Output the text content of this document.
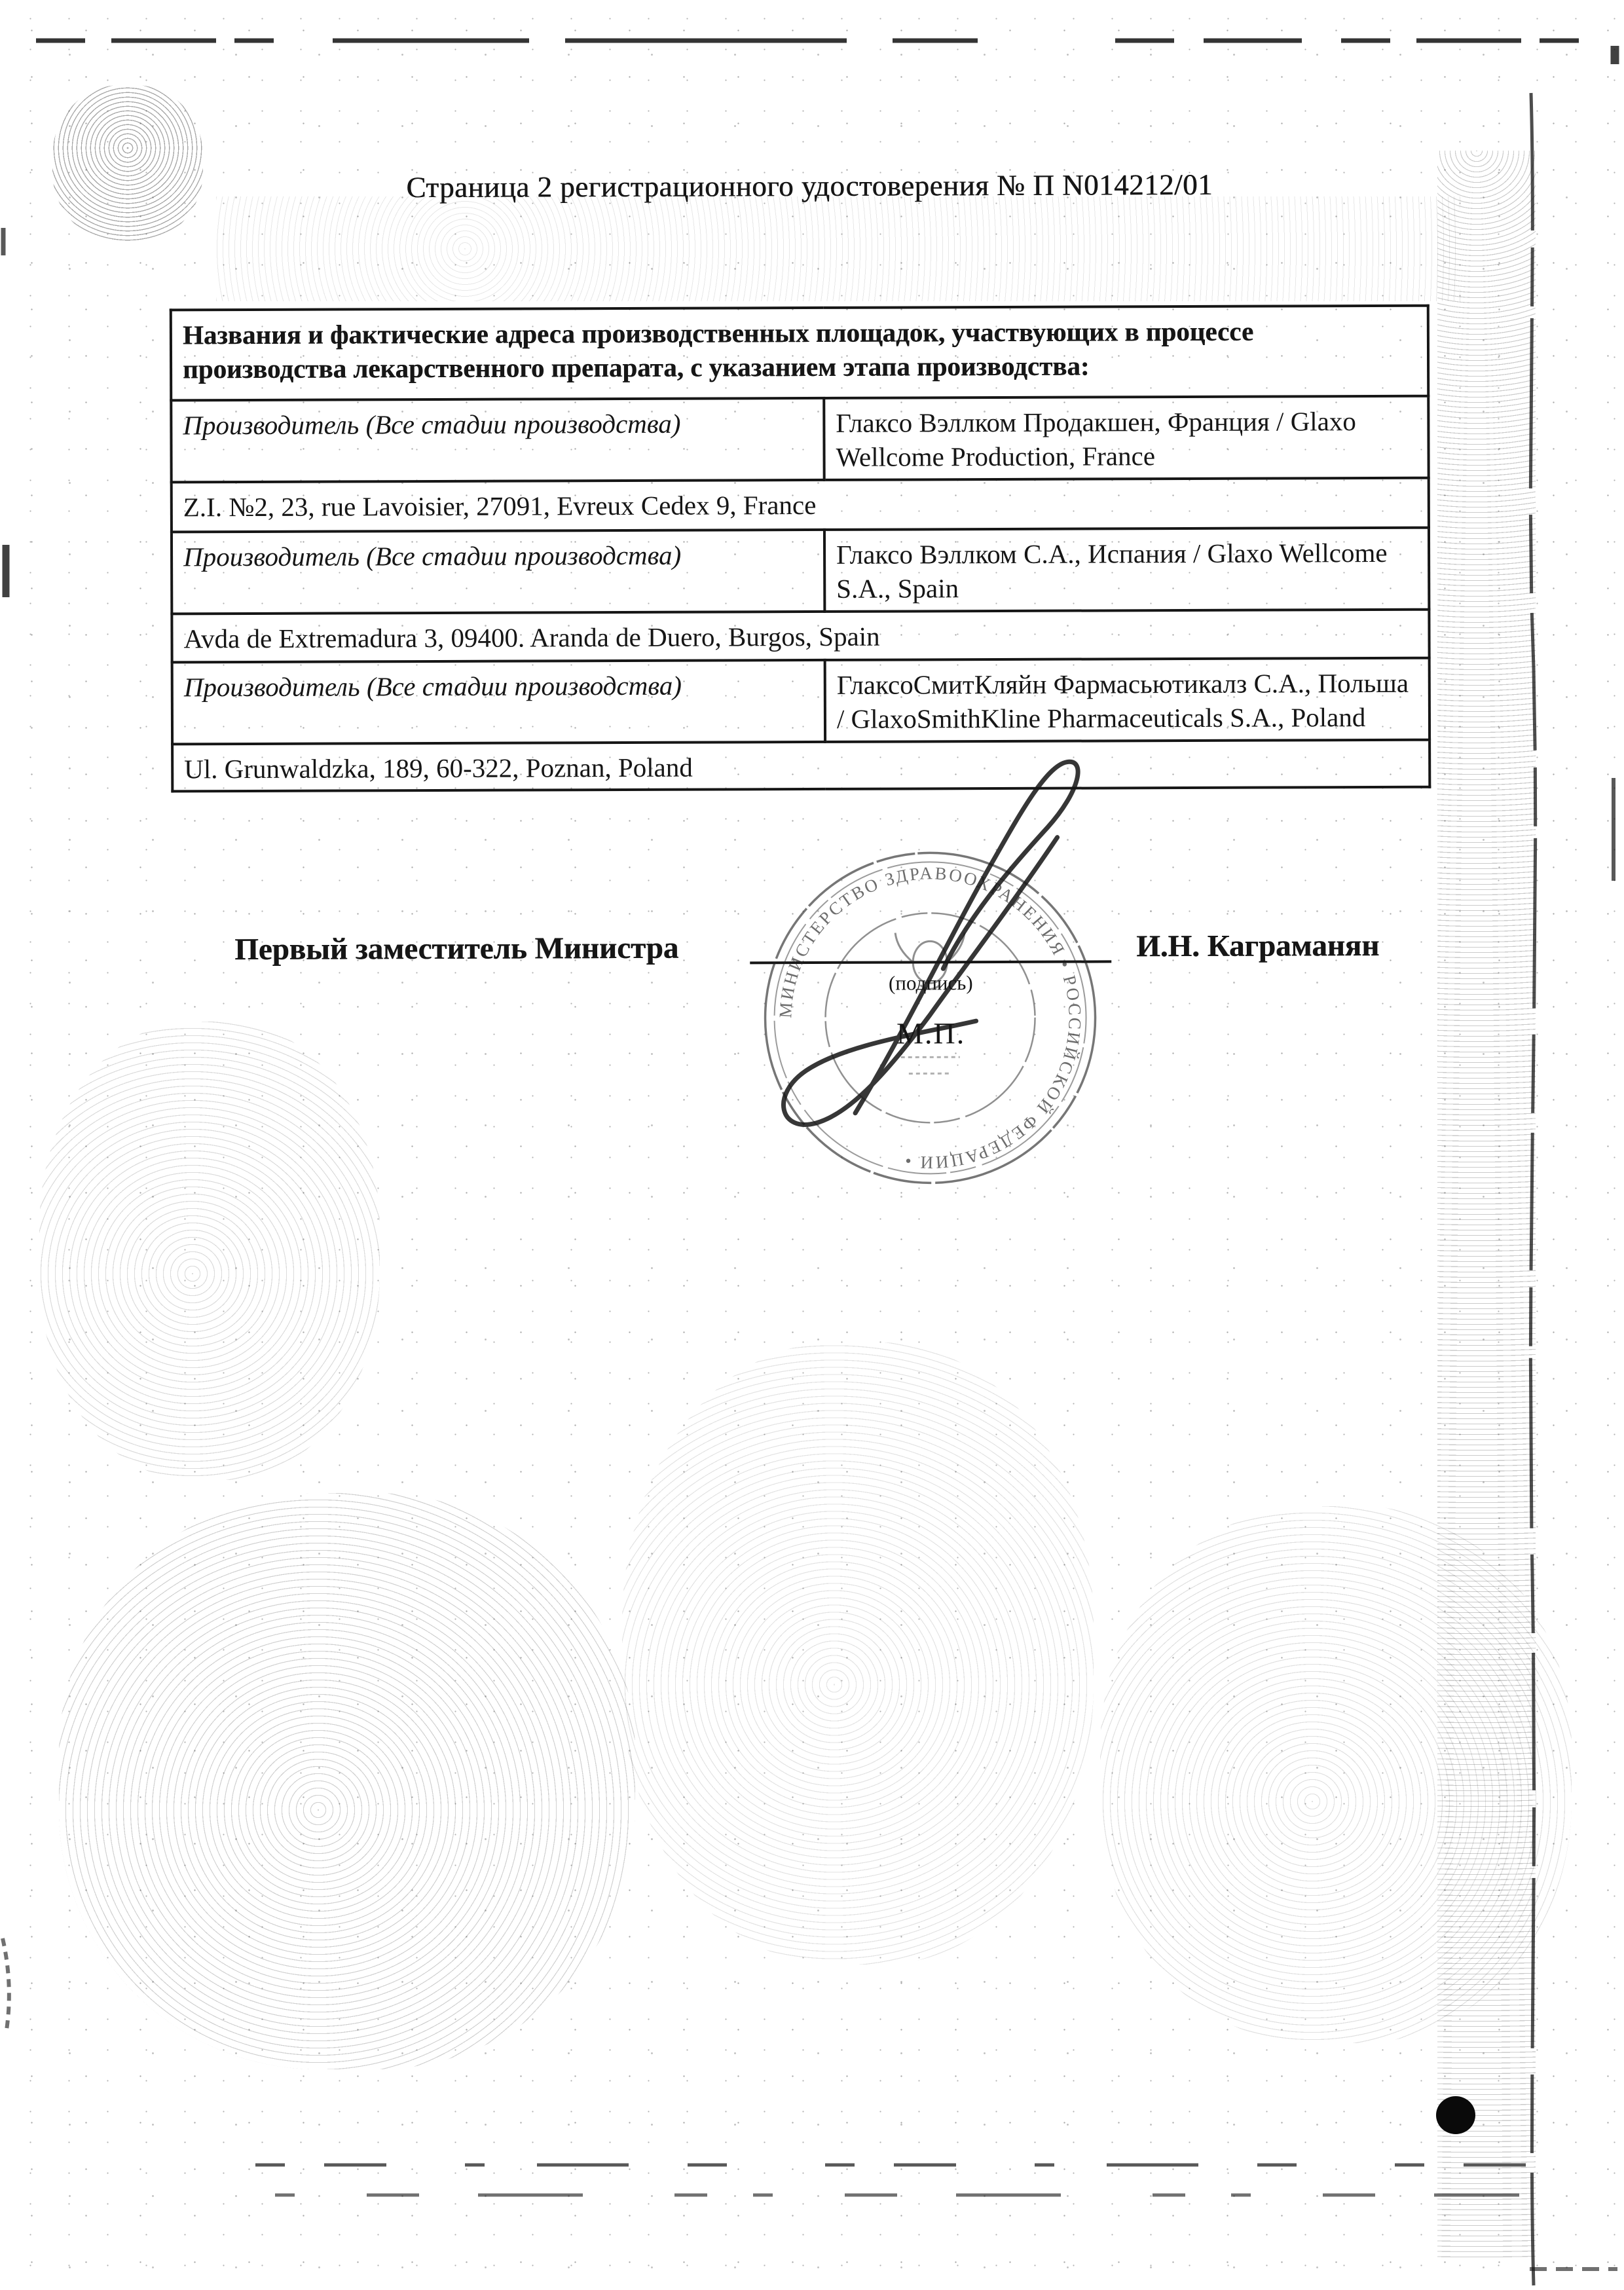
Страница 2 регистрационного удостоверения № П N014212/01
Названия и фактические адреса производственных площадок, участвующих в процессе производства лекарственного препарата, с указанием этапа производства:	
Производитель (Все стадии производства)	Глаксо Вэллком Продакшен, Франция / Glaxo Wellcome Production, France
Z.I. №2, 23, rue Lavoisier, 27091, Evreux Cedex 9, France	
Производитель (Все стадии производства)	Глаксо Вэллком С.А., Испания / Glaxo Wellcome S.A., Spain
Avda de Extremadura 3, 09400. Aranda de Duero, Burgos, Spain	
Производитель (Все стадии производства)	ГлаксоСмитКляйн Фармасьютикалз С.А., Польша / GlaxoSmithKline Pharmaceuticals S.A., Poland
Ul. Grunwaldzka, 189, 60-322, Poznan, Poland	
Первый заместитель Министра
(подпись)
М.П.
И.Н. Каграманян
МИНИСТЕРСТВО ЗДРАВООХРАНЕНИЯ • РОССИЙСКОЙ ФЕДЕРАЦИИ •
